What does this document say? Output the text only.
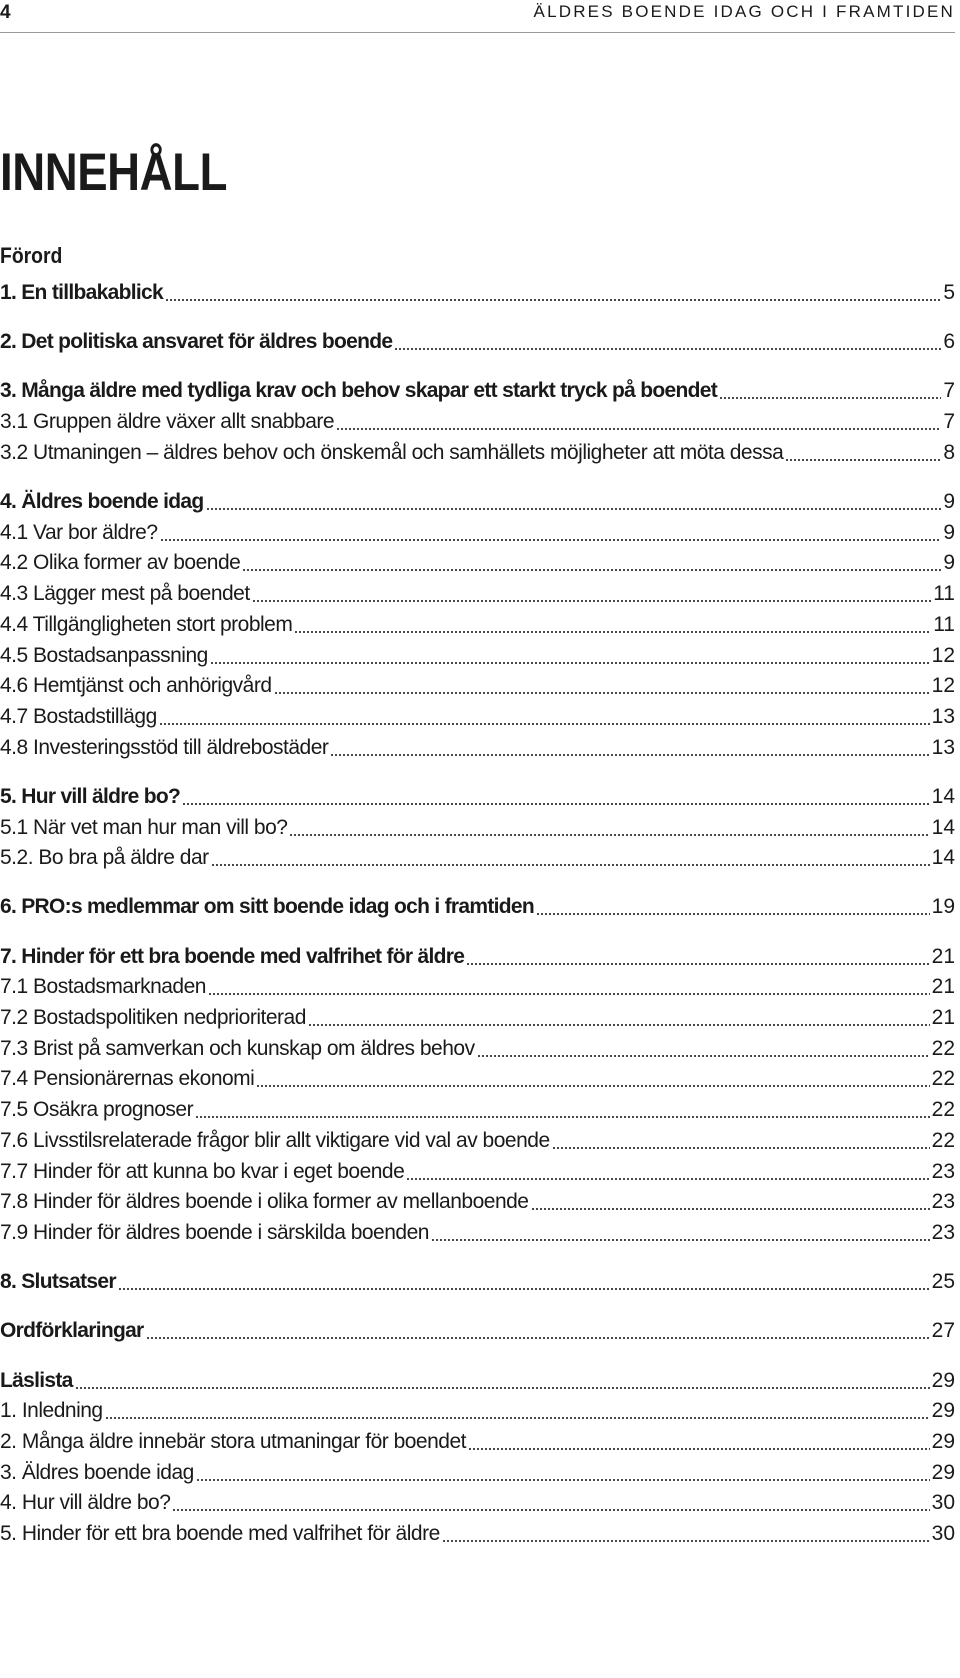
4	ÄLDRES BOENDE IDAG OCH I FRAMTIDEN
INNEHÅLL
Förord
1. En tillbakablick	5
2. Det politiska ansvaret för äldres boende	6
3. Många äldre med tydliga krav och behov skapar ett starkt tryck på boendet	7
3.1 Gruppen äldre växer allt snabbare	7
3.2 Utmaningen – äldres behov och önskemål och samhällets möjligheter att möta dessa	8
4. Äldres boende idag	9
4.1 Var bor äldre?	9
4.2 Olika former av boende	9
4.3 Lägger mest på boendet	11
4.4 Tillgängligheten stort problem	11
4.5 Bostadsanpassning	12
4.6 Hemtjänst och anhörigvård	12
4.7 Bostadstillägg	13
4.8 Investeringsstöd till äldrebostäder	13
5. Hur vill äldre bo?	14
5.1 När vet man hur man vill bo?	14
5.2. Bo bra på äldre dar	14
6. PRO:s medlemmar om sitt boende idag och i framtiden	19
7. Hinder för ett bra boende med valfrihet för äldre	21
7.1 Bostadsmarknaden	21
7.2 Bostadspolitiken nedprioriterad	21
7.3 Brist på samverkan och kunskap om äldres behov	22
7.4 Pensionärernas ekonomi	22
7.5 Osäkra prognoser	22
7.6 Livsstilsrelaterade frågor blir allt viktigare vid val av boende	22
7.7 Hinder för att kunna bo kvar i eget boende	23
7.8 Hinder för äldres boende i olika former av mellanboende	23
7.9 Hinder för äldres boende i särskilda boenden	23
8. Slutsatser	25
Ordförklaringar	27
Läslista	29
1. Inledning	29
2. Många äldre innebär stora utmaningar för boendet	29
3. Äldres boende idag	29
4. Hur vill äldre bo?	30
5. Hinder för ett bra boende med valfrihet för äldre	30
